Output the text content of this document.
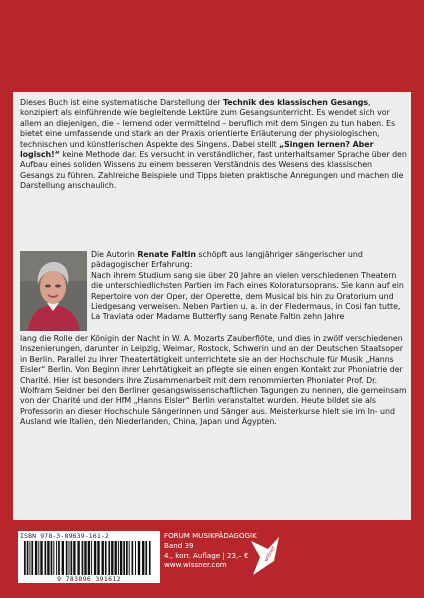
Dieses Buch ist eine systematische Darstellung der Technik des klassischen Gesangs, konzipiert als einführende wie begleitende Lektüre zum Gesangsunterricht. Es wendet sich vor allem an diejenigen, die – lernend oder vermittelnd – beruflich mit dem Singen zu tun haben. Es bietet eine umfassende und stark an der Praxis orientierte Erläuterung der physiologischen, technischen und künstlerischen Aspekte des Singens. Dabei stellt „Singen lernen? Aber logisch!“ keine Methode dar. Es versucht in verständlicher, fast unterhaltsamer Sprache über den Aufbau eines soliden Wissens zu einem besseren Verständnis des Wesens des klassischen Gesangs zu führen. Zahlreiche Beispiele und Tipps bieten praktische Anregungen und machen die Darstellung anschaulich.
Die Autorin Renate Faltin schöpft aus langjähriger sängerischer und pädagogischer Erfahrung:
Nach ihrem Studium sang sie über 20 Jahre an vielen verschiedenen Theatern die unterschiedlichsten Partien im Fach eines Koloratursoprans. Sie kann auf ein Repertoire von der Oper, der Operette, dem Musical bis hin zu Oratorium und Liedgesang verweisen. Neben Partien u. a. in der Fledermaus, in Cosi fan tutte, La Traviata oder Madame Butterfly sang Renate Faltin zehn Jahre
lang die Rolle der Königin der Nacht in W. A. Mozarts Zauberflöte, und dies in zwölf verschiedenen Inszenierungen, darunter in Leipzig, Weimar, Rostock, Schwerin und an der Deutschen Staatsoper in Berlin. Parallel zu ihrer Theatertätigkeit unterrichtete sie an der Hochschule für Musik „Hanns Eisler“ Berlin. Von Beginn ihrer Lehrtätigkeit an pflegte sie einen engen Kontakt zur Phoniatrie der Charité. Hier ist besonders ihre Zusammenarbeit mit dem renommierten Phoniater Prof. Dr. Wolfram Seidner bei den Berliner gesangswissenschaftlichen Tagungen zu nennen, die gemeinsam von der Charité und der HfM „Hanns Eisler“ Berlin veranstaltet wurden. Heute bildet sie als Professorin an dieser Hochschule Sängerinnen und Sänger aus. Meisterkurse hielt sie im In- und Ausland wie Italien, den Niederlanden, China, Japan und Ägypten.
ISBN 978-3-89639-161-2
9 783896 391612
FORUM MUSIKPÄDAGOGIK
Band 39
4., korr. Auflage | 23,– €
www.wissner.com
wißner
